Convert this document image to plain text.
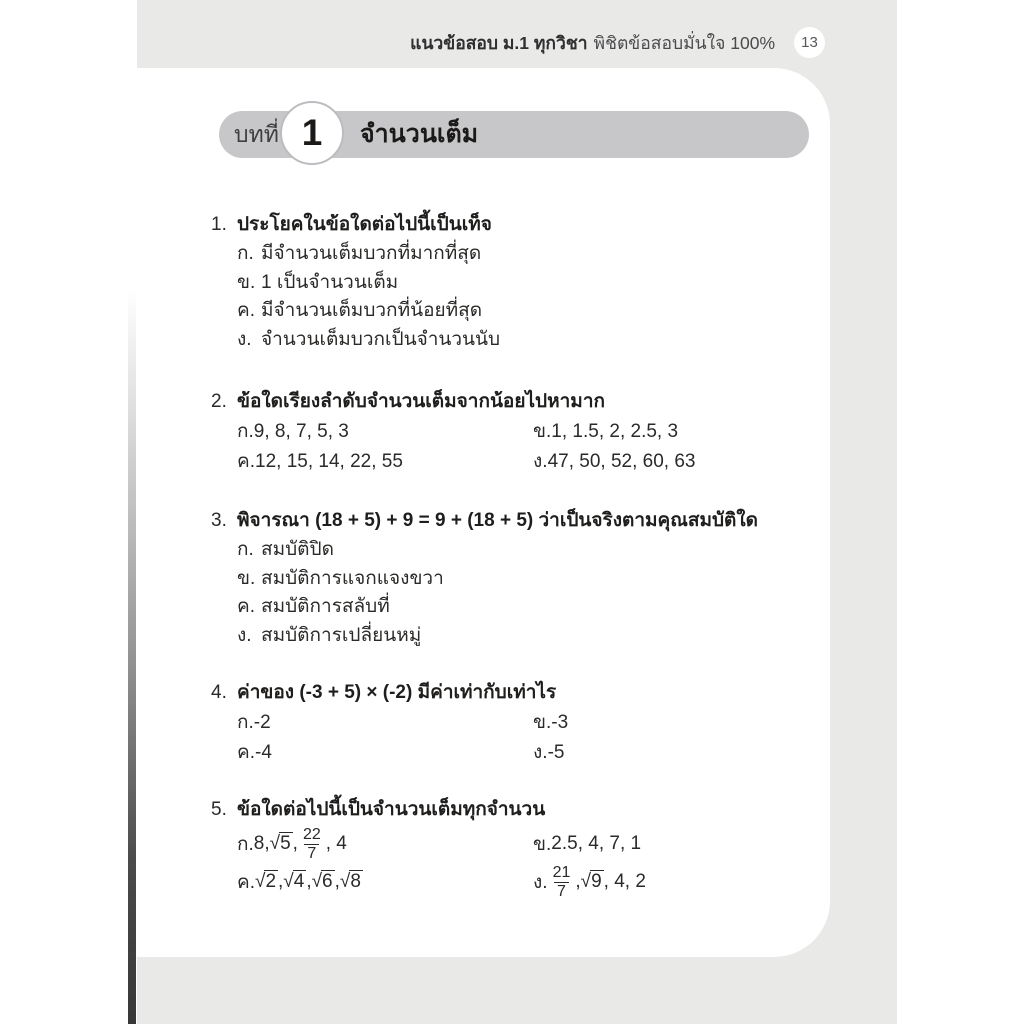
แนวข้อสอบ ม.1 ทุกวิชา พิชิตข้อสอบมั่นใจ 100% 13
บทที่ 1 จำนวนเต็ม
1. ประโยคในข้อใดต่อไปนี้เป็นเท็จ
ก. มีจำนวนเต็มบวกที่มากที่สุด
ข. 1 เป็นจำนวนเต็ม
ค. มีจำนวนเต็มบวกที่น้อยที่สุด
ง. จำนวนเต็มบวกเป็นจำนวนนับ
2. ข้อใดเรียงลำดับจำนวนเต็มจากน้อยไปหามาก
ก.9, 8, 7, 5, 3	ข.1, 1.5, 2, 2.5, 3
ค.12, 15, 14, 22, 55	ง.47, 50, 52, 60, 63
3. พิจารณา (18 + 5) + 9 = 9 + (18 + 5) ว่าเป็นจริงตามคุณสมบัติใด
ก. สมบัติปิด
ข. สมบัติการแจกแจงขวา
ค. สมบัติการสลับที่
ง. สมบัติการเปลี่ยนหมู่
4. ค่าของ (-3 + 5) × (-2) มีค่าเท่ากับเท่าไร
ก.-2	ข.-3
ค.-4	ง.-5
5. ข้อใดต่อไปนี้เป็นจำนวนเต็มทุกจำนวน
ก. 8, √5 , $\frac{22}{7}$ , 4	ข. 2.5, 4, 7, 1
ค. √2 , √4 , √6 , √8	ง. $\frac{21}{7}$ , √9 , 4, 2
